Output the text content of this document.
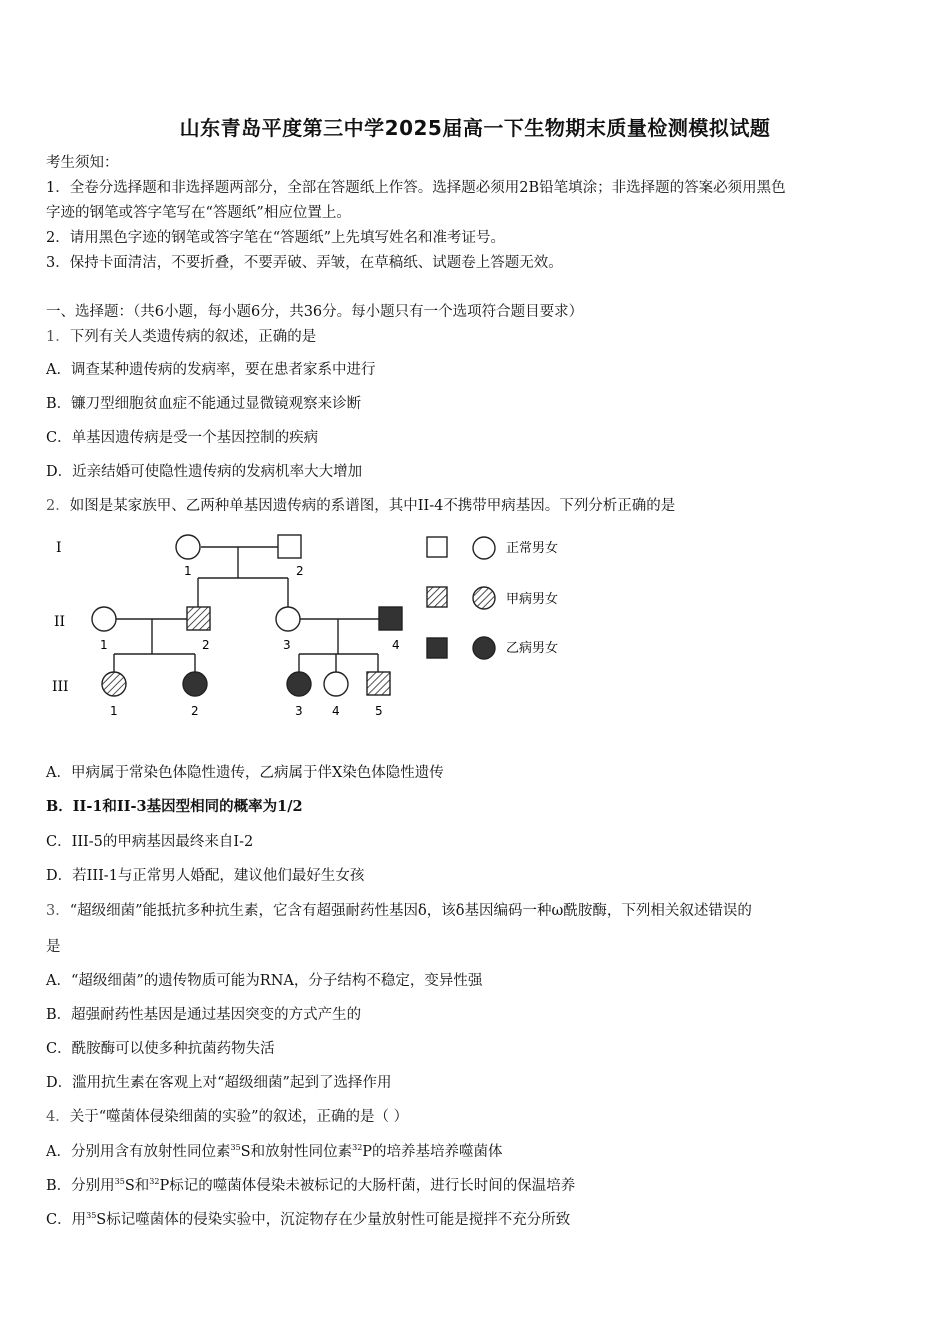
山东青岛平度第三中学2025届高一下生物期末质量检测模拟试题
考生须知：
1．全卷分选择题和非选择题两部分，全部在答题纸上作答。选择题必须用2B铅笔填涂；非选择题的答案必须用黑色
字迹的钢笔或答字笔写在“答题纸”相应位置上。
2．请用黑色字迹的钢笔或答字笔在“答题纸”上先填写姓名和准考证号。
3．保持卡面清洁，不要折叠，不要弄破、弄皱，在草稿纸、试题卷上答题无效。
一、选择题：（共6小题，每小题6分，共36分。每小题只有一个选项符合题目要求）
1．下列有关人类遗传病的叙述，正确的是
A．调查某种遗传病的发病率，要在患者家系中进行
B．镰刀型细胞贫血症不能通过显微镜观察来诊断
C．单基因遗传病是受一个基因控制的疾病
D．近亲结婚可使隐性遗传病的发病机率大大增加
2．如图是某家族甲、乙两种单基因遗传病的系谱图，其中II-4不携带甲病基因。下列分析正确的是
I
II
III
1	2
1	2	3	4
1	2	3 4	5
正常男女
甲病男女
乙病男女
A．甲病属于常染色体隐性遗传，乙病属于伴X染色体隐性遗传
B．II-1和II-3基因型相同的概率为1/2
C．III-5的甲病基因最终来自I-2
D．若III-1与正常男人婚配，建议他们最好生女孩
3．“超级细菌”能抵抗多种抗生素，它含有超强耐药性基因δ，该δ基因编码一种ω酰胺酶，下列相关叙述错误的
是
A．“超级细菌”的遗传物质可能为RNA，分子结构不稳定，变异性强
B．超强耐药性基因是通过基因突变的方式产生的
C．酰胺酶可以使多种抗菌药物失活
D．滥用抗生素在客观上对“超级细菌”起到了选择作用
4．关于“噬菌体侵染细菌的实验”的叙述，正确的是（ ）
A．分别用含有放射性同位素$^{35}$S和放射性同位素$^{32}$P的培养基培养噬菌体
B．分别用$^{35}$S和$^{32}$P标记的噬菌体侵染未被标记的大肠杆菌，进行长时间的保温培养
C．用$^{35}$S标记噬菌体的侵染实验中，沉淀物存在少量放射性可能是搅拌不充分所致
